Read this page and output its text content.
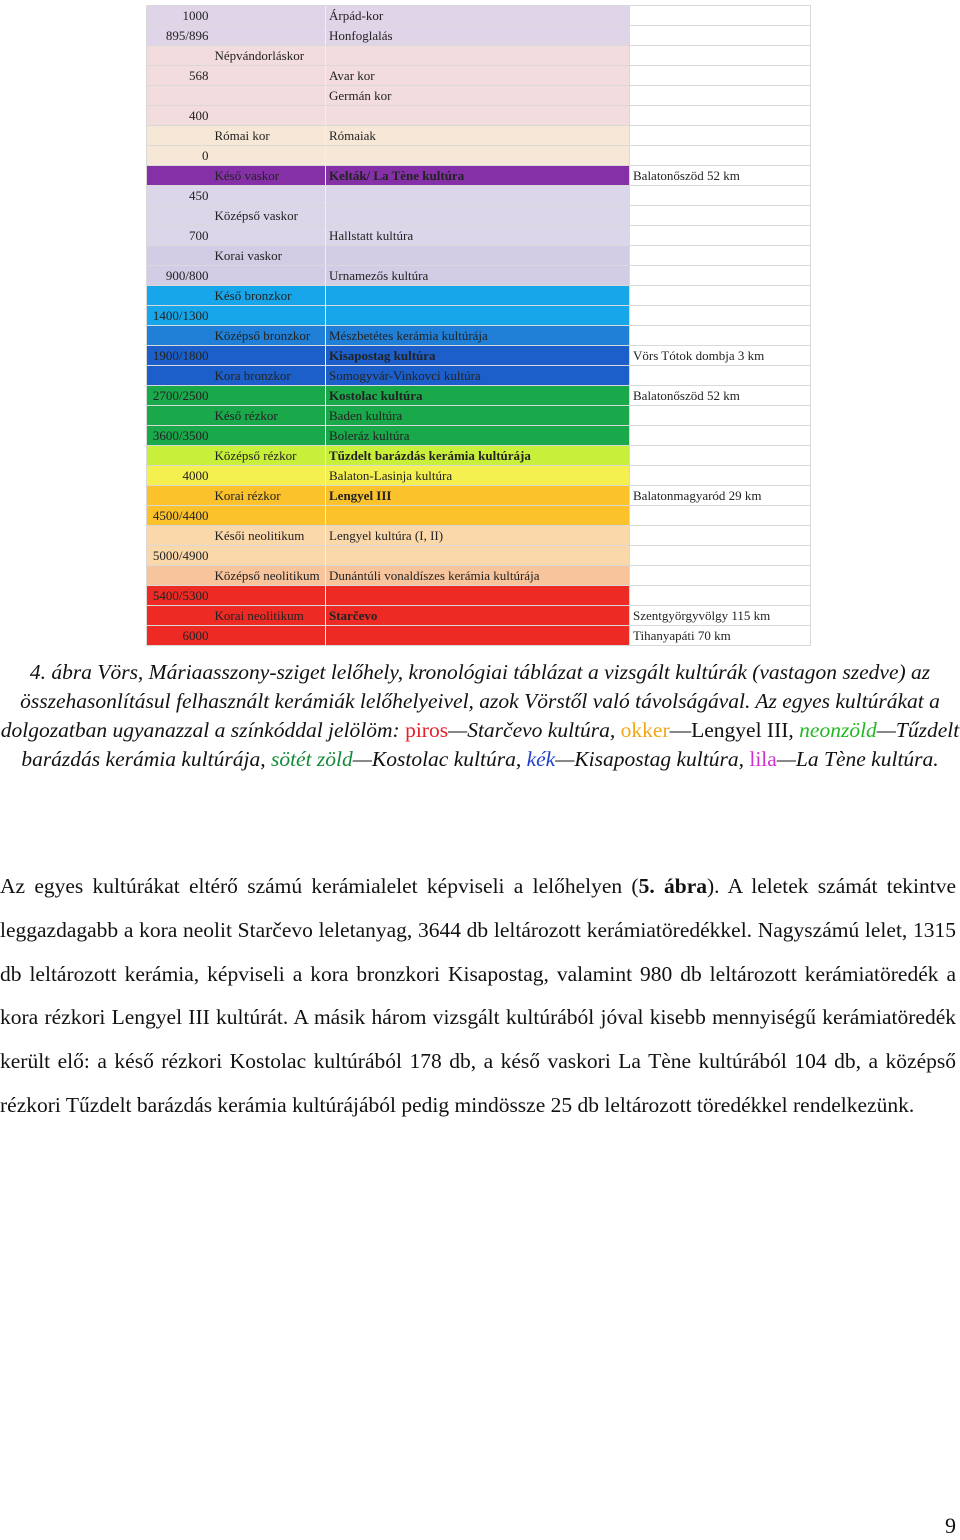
1000		Árpád-kor	
895/896		Honfoglalás	
	Népvándorláskor		
568		Avar kor	
		Germán kor	
400			
	Római kor	Rómaiak	
0			
	Késő vaskor	Kelták/ La Tène kultúra	Balatonőszöd 52 km
450			
	Középső vaskor		
700		Hallstatt kultúra	
	Korai vaskor		
900/800		Urnamezős kultúra	
	Késő bronzkor		
1400/1300			
	Középső bronzkor	Mészbetétes kerámia kultúrája	
1900/1800		Kisapostag kultúra	Vörs Tótok dombja 3 km
	Kora bronzkor	Somogyvár-Vinkovci kultúra	
2700/2500		Kostolac kultúra	Balatonőszöd 52 km
	Késő rézkor	Baden kultúra	
3600/3500		Boleráz kultúra	
	Középső rézkor	Tűzdelt barázdás kerámia kultúrája	
4000		Balaton-Lasinja kultúra	
	Korai rézkor	Lengyel III	Balatonmagyaród 29 km
4500/4400			
	Késői neolitikum	Lengyel kultúra (I, II)	
5000/4900			
	Középső neolitikum	Dunántúli vonaldíszes kerámia kultúrája	
5400/5300			
	Korai neolitikum	Starčevo	Szentgyörgyvölgy 115 km
6000			Tihanyapáti 70 km
4. ábra Vörs, Máriaasszony-sziget lelőhely, kronológiai táblázat a vizsgált kultúrák (vastagon szedve) az összehasonlításul felhasznált kerámiák lelőhelyeivel, azok Vörstől való távolságával. Az egyes kultúrákat a dolgozatban ugyanazzal a színkóddal jelölöm: piros—Starčevo kultúra, okker—Lengyel III, neonzöld—Tűzdelt barázdás kerámia kultúrája, sötét zöld—Kostolac kultúra, kék—Kisapostag kultúra, lila—La Tène kultúra.
Az egyes kultúrákat eltérő számú kerámialelet képviseli a lelőhelyen (5. ábra). A leletek számát tekintve leggazdagabb a kora neolit Starčevo leletanyag, 3644 db leltározott kerámiatöredékkel. Nagyszámú lelet, 1315 db leltározott kerámia, képviseli a kora bronzkori Kisapostag, valamint 980 db leltározott kerámiatöredék a kora rézkori Lengyel III kultúrát. A másik három vizsgált kultúrából jóval kisebb mennyiségű kerámiatöredék került elő: a késő rézkori Kostolac kultúrából 178 db, a késő vaskori La Tène kultúrából 104 db, a középső rézkori Tűzdelt barázdás kerámia kultúrájából pedig mindössze 25 db leltározott töredékkel rendelkezünk.
9
